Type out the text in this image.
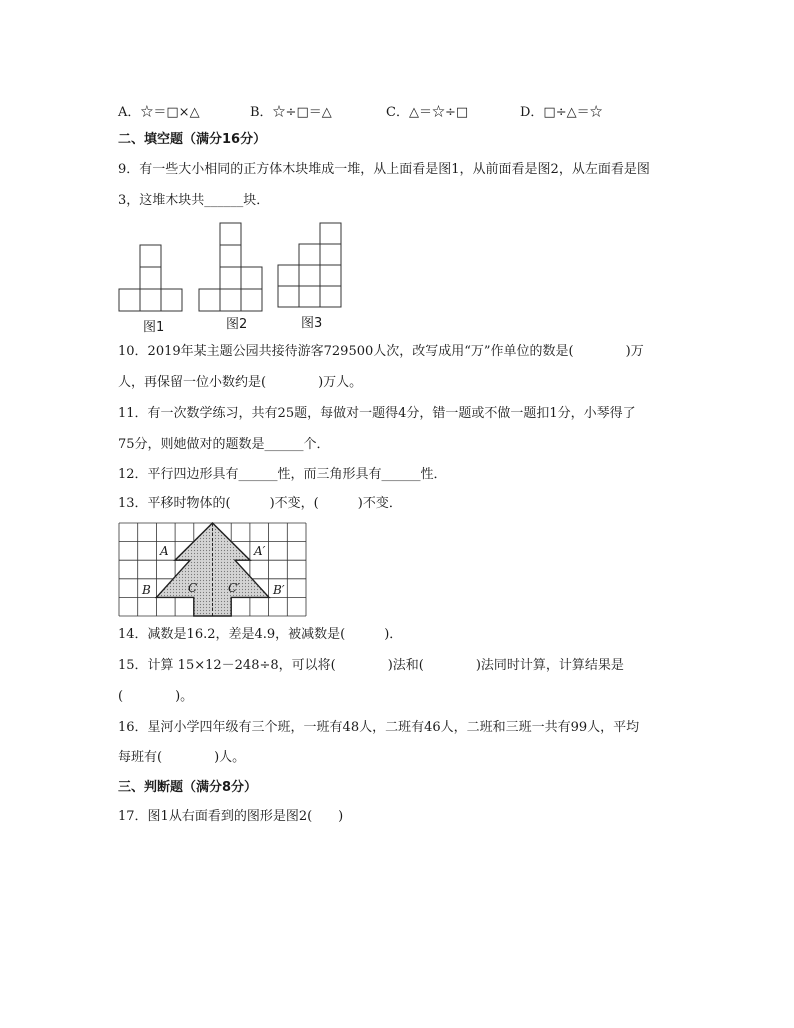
A．☆＝□×△	B．☆÷□＝△	C．△＝☆÷□	D．□÷△＝☆
二、填空题（满分16分）
9．有一些大小相同的正方体木块堆成一堆，从上面看是图1，从前面看是图2，从左面看是图
3，这堆木块共______块．
图1	图2	图3
10．2019年某主题公园共接待游客729500人次，改写成用“万”作单位的数是(　　　　)万
人，再保留一位小数约是(　　　　)万人。
11．有一次数学练习，共有25题，每做对一题得4分，错一题或不做一题扣1分，小琴得了
75分，则她做对的题数是______个．
12．平行四边形具有______性，而三角形具有______性．
13．平移时物体的(　　　)不变，(　　　)不变．
A	A′
B	B′
C	C′
14．减数是16.2，差是4.9，被减数是(　　　)．
15．计算 15×12－248÷8，可以将(　　　　)法和(　　　　)法同时计算，计算结果是
(　　　　)。
16．星河小学四年级有三个班，一班有48人，二班有46人，二班和三班一共有99人，平均
每班有(　　　　)人。
三、判断题（满分8分）
17．图1从右面看到的图形是图2(　　)
